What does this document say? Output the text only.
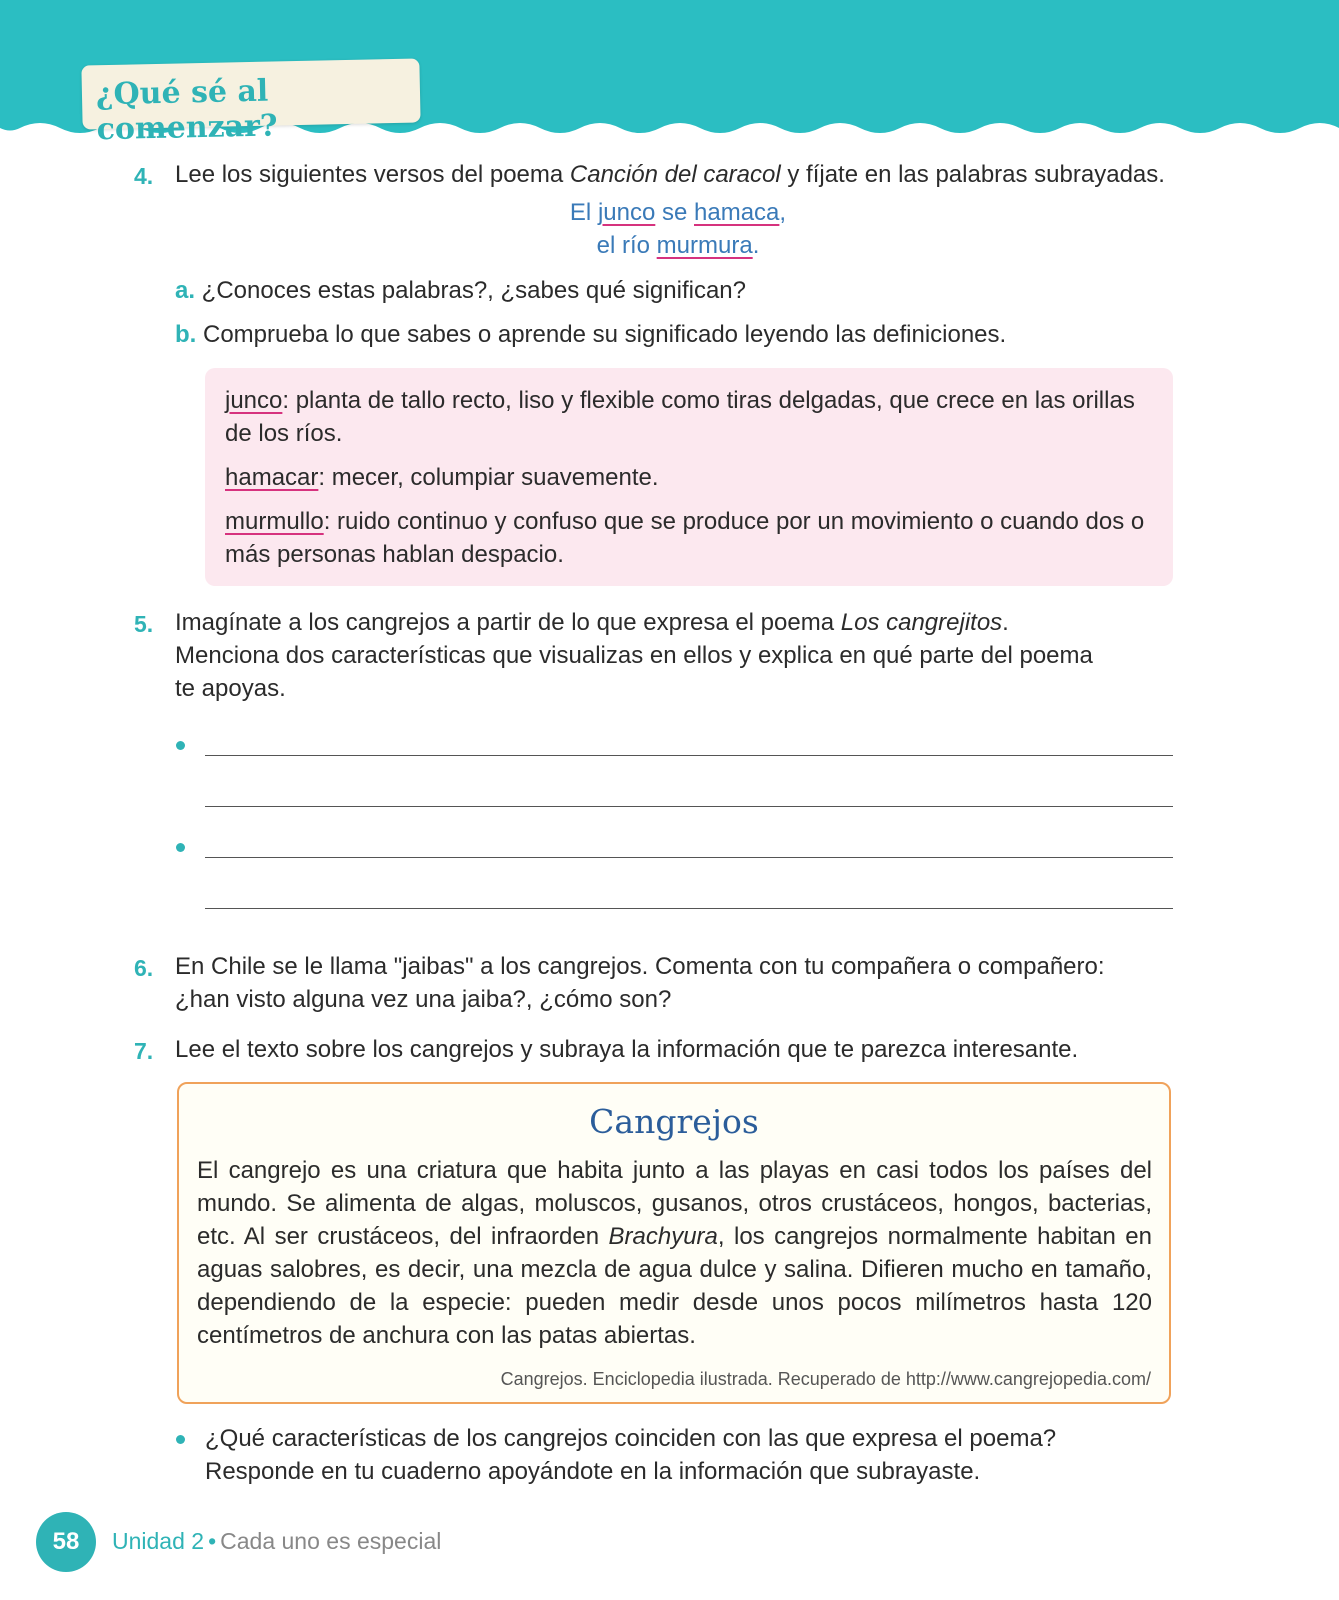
¿Qué sé al comenzar?
4. Lee los siguientes versos del poema Canción del caracol y fíjate en las palabras subrayadas.
El junco se hamaca,
el río murmura.
a. ¿Conoces estas palabras?, ¿sabes qué significan?
b. Comprueba lo que sabes o aprende su significado leyendo las definiciones.
junco: planta de tallo recto, liso y flexible como tiras delgadas, que crece en las orillas de los ríos.
hamacar: mecer, columpiar suavemente.
murmullo: ruido continuo y confuso que se produce por un movimiento o cuando dos o más personas hablan despacio.
5. Imagínate a los cangrejos a partir de lo que expresa el poema Los cangrejitos.
Menciona dos características que visualizas en ellos y explica en qué parte del poema
te apoyas.
6. En Chile se le llama "jaibas" a los cangrejos. Comenta con tu compañera o compañero:
¿han visto alguna vez una jaiba?, ¿cómo son?
7. Lee el texto sobre los cangrejos y subraya la información que te parezca interesante.
Cangrejos
El cangrejo es una criatura que habita junto a las playas en casi todos los países del mundo. Se alimenta de algas, moluscos, gusanos, otros crustáceos, hongos, bacterias, etc. Al ser crustáceos, del infraorden Brachyura, los cangrejos normalmente habitan en aguas salobres, es decir, una mezcla de agua dulce y salina. Difieren mucho en tamaño, dependiendo de la especie: pueden medir desde unos pocos milímetros hasta 120 centímetros de anchura con las patas abiertas.
Cangrejos. Enciclopedia ilustrada. Recuperado de http://www.cangrejopedia.com/
¿Qué características de los cangrejos coinciden con las que expresa el poema?
Responde en tu cuaderno apoyándote en la información que subrayaste.
58	Unidad 2 • Cada uno es especial
